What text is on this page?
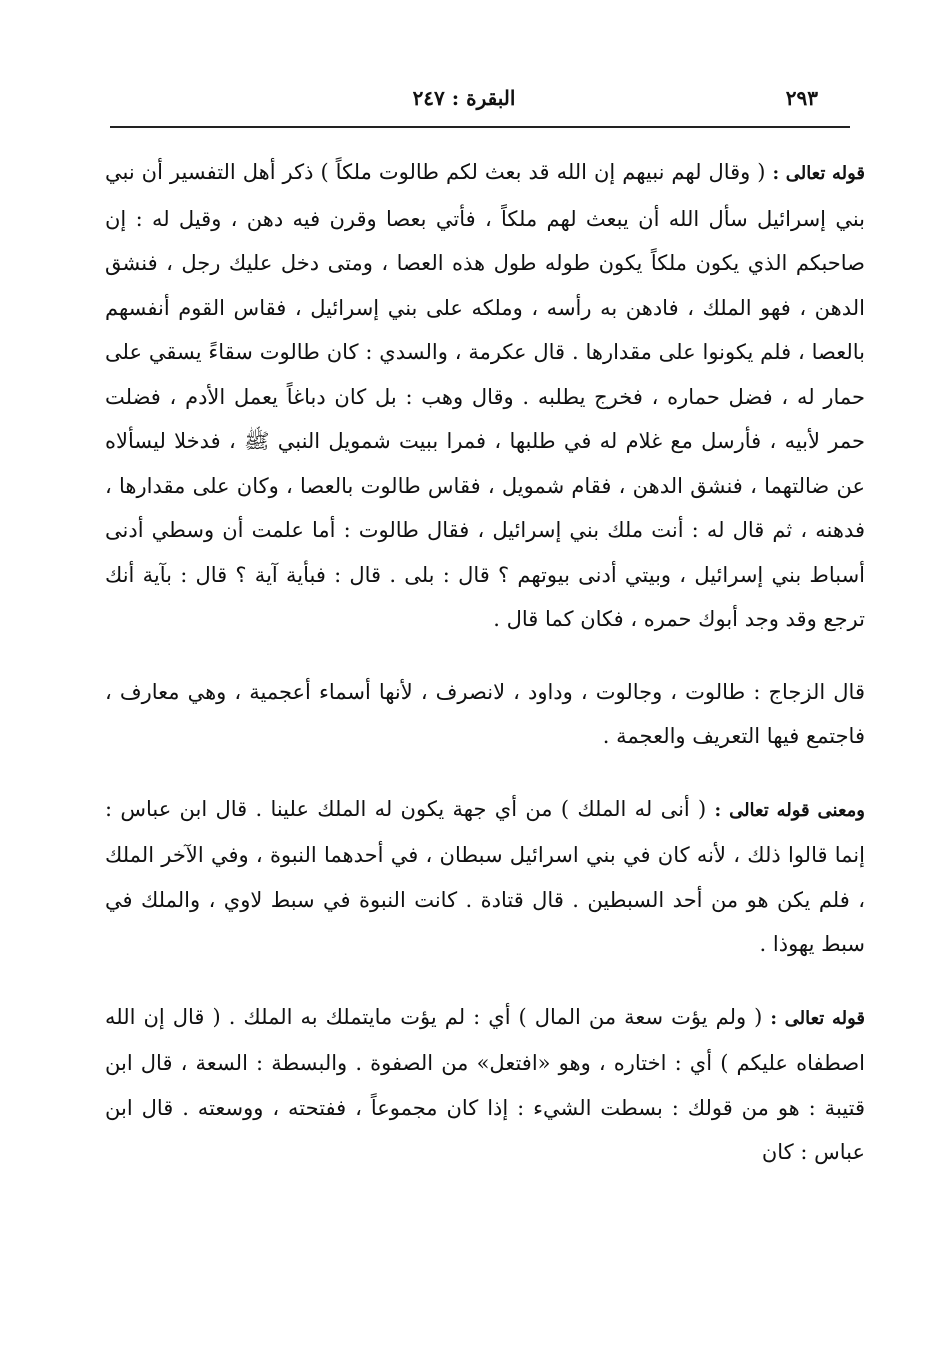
٢٩٣
البقرة : ٢٤٧

قوله تعالى : ( وقال لهم نبيهم إن الله قد بعث لكم طالوت ملكاً ) ذكر أهل التفسير أن نبي بني إسرائيل سأل الله أن يبعث لهم ملكاً ، فأتي بعصا وقرن فيه دهن ، وقيل له : إن صاحبكم الذي يكون ملكاً يكون طوله طول هذه العصا ، ومتى دخل عليك رجل ، فنشق الدهن ، فهو الملك ، فادهن به رأسه ، وملكه على بني إسرائيل ، فقاس القوم أنفسهم بالعصا ، فلم يكونوا على مقدارها . قال عكرمة ، والسدي : كان طالوت سقاءً يسقي على حمار له ، فضل حماره ، فخرج يطلبه . وقال وهب : بل كان دباغاً يعمل الأدم ، فضلت حمر لأبيه ، فأرسل مع غلام له في طلبها ، فمرا ببيت شمويل النبي ﷺ ، فدخلا ليسألاه عن ضالتهما ، فنشق الدهن ، فقام شمويل ، فقاس طالوت بالعصا ، وكان على مقدارها ، فدهنه ، ثم قال له : أنت ملك بني إسرائيل ، فقال طالوت : أما علمت أن وسطي أدنى أسباط بني إسرائيل ، وبيتي أدنى بيوتهم ؟ قال : بلى . قال : فبأية آية ؟ قال : بآية أنك ترجع وقد وجد أبوك حمره ، فكان كما قال .

قال الزجاج : طالوت ، وجالوت ، وداود ، لانصرف ، لأنها أسماء أعجمية ، وهي معارف ، فاجتمع فيها التعريف والعجمة .

ومعنى قوله تعالى : ( أنى له الملك ) من أي جهة يكون له الملك علينا . قال ابن عباس : إنما قالوا ذلك ، لأنه كان في بني اسرائيل سبطان ، في أحدهما النبوة ، وفي الآخر الملك ، فلم يكن هو من أحد السبطين . قال قتادة . كانت النبوة في سبط لاوي ، والملك في سبط يهوذا .

قوله تعالى : ( ولم يؤت سعة من المال ) أي : لم يؤت مايتملك به الملك . ( قال إن الله اصطفاه عليكم ) أي : اختاره ، وهو «افتعل» من الصفوة . والبسطة : السعة ، قال ابن قتيبة : هو من قولك : بسطت الشيء : إذا كان مجموعاً ، ففتحته ، ووسعته . قال ابن عباس : كان
